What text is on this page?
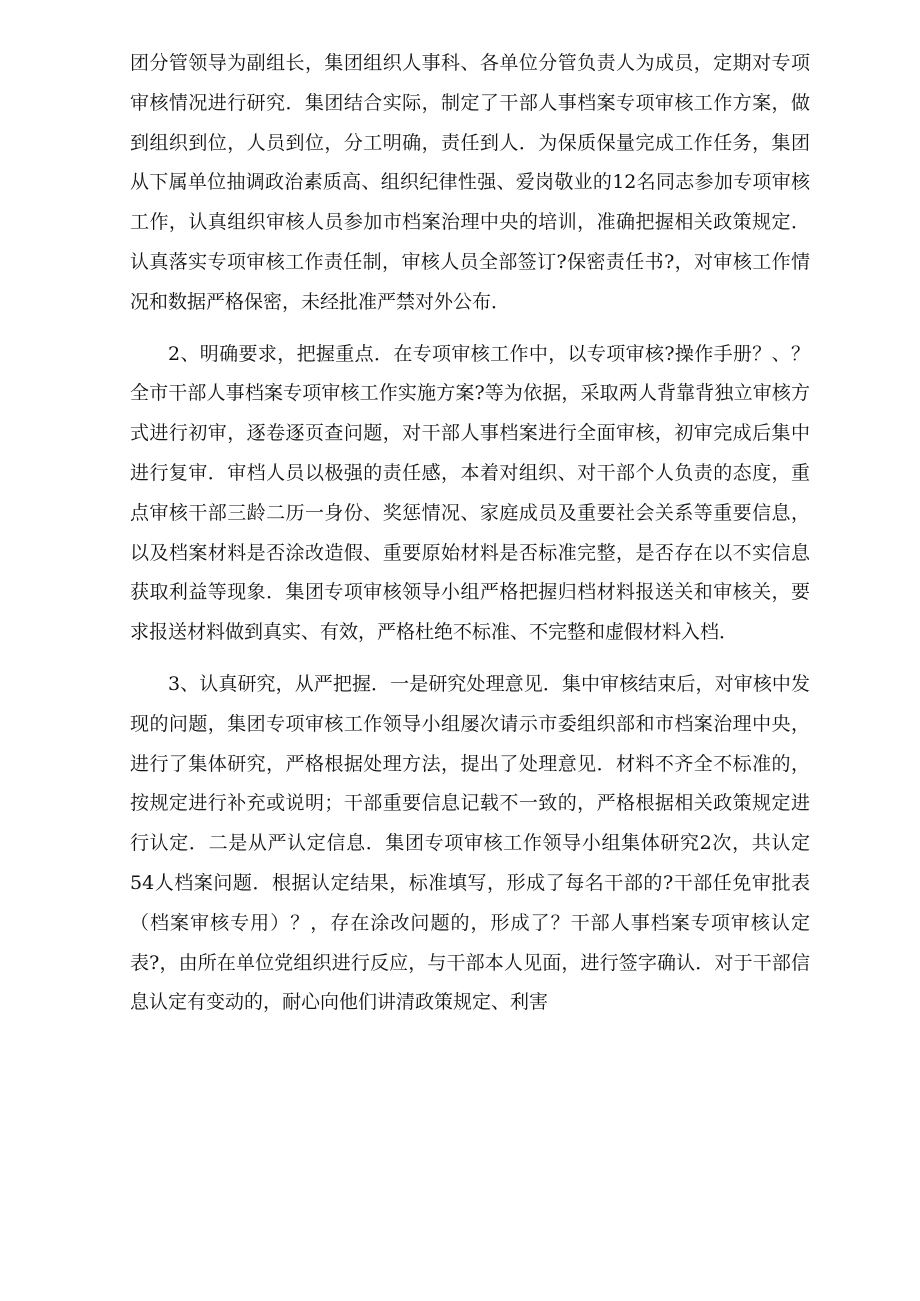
团分管领导为副组长，集团组织人事科、各单位分管负责人为成员，定期对专项审核情况进行研究．集团结合实际，制定了干部人事档案专项审核工作方案，做到组织到位，人员到位，分工明确，责任到人．为保质保量完成工作任务，集团从下属单位抽调政治素质高、组织纪律性强、爱岗敬业的12名同志参加专项审核工作，认真组织审核人员参加市档案治理中央的培训，准确把握相关政策规定．认真落实专项审核工作责任制，审核人员全部签订?保密责任书?，对审核工作情况和数据严格保密，未经批准严禁对外公布．

2、明确要求，把握重点．在专项审核工作中，以专项审核?操作手册？、？全市干部人事档案专项审核工作实施方案?等为依据，采取两人背靠背独立审核方式进行初审，逐卷逐页查问题，对干部人事档案进行全面审核，初审完成后集中进行复审．审档人员以极强的责任感，本着对组织、对干部个人负责的态度，重点审核干部三龄二历一身份、奖惩情况、家庭成员及重要社会关系等重要信息，以及档案材料是否涂改造假、重要原始材料是否标准完整，是否存在以不实信息获取利益等现象．集团专项审核领导小组严格把握归档材料报送关和审核关，要求报送材料做到真实、有效，严格杜绝不标准、不完整和虚假材料入档．

3、认真研究，从严把握．一是研究处理意见．集中审核结束后，对审核中发现的问题，集团专项审核工作领导小组屡次请示市委组织部和市档案治理中央，进行了集体研究，严格根据处理方法，提出了处理意见．材料不齐全不标准的，按规定进行补充或说明；干部重要信息记载不一致的，严格根据相关政策规定进行认定．二是从严认定信息．集团专项审核工作领导小组集体研究2次，共认定54人档案问题．根据认定结果，标准填写，形成了每名干部的?干部任免审批表（档案审核专用）？，存在涂改问题的，形成了？干部人事档案专项审核认定表?，由所在单位党组织进行反应，与干部本人见面，进行签字确认．对于干部信息认定有变动的，耐心向他们讲清政策规定、利害
